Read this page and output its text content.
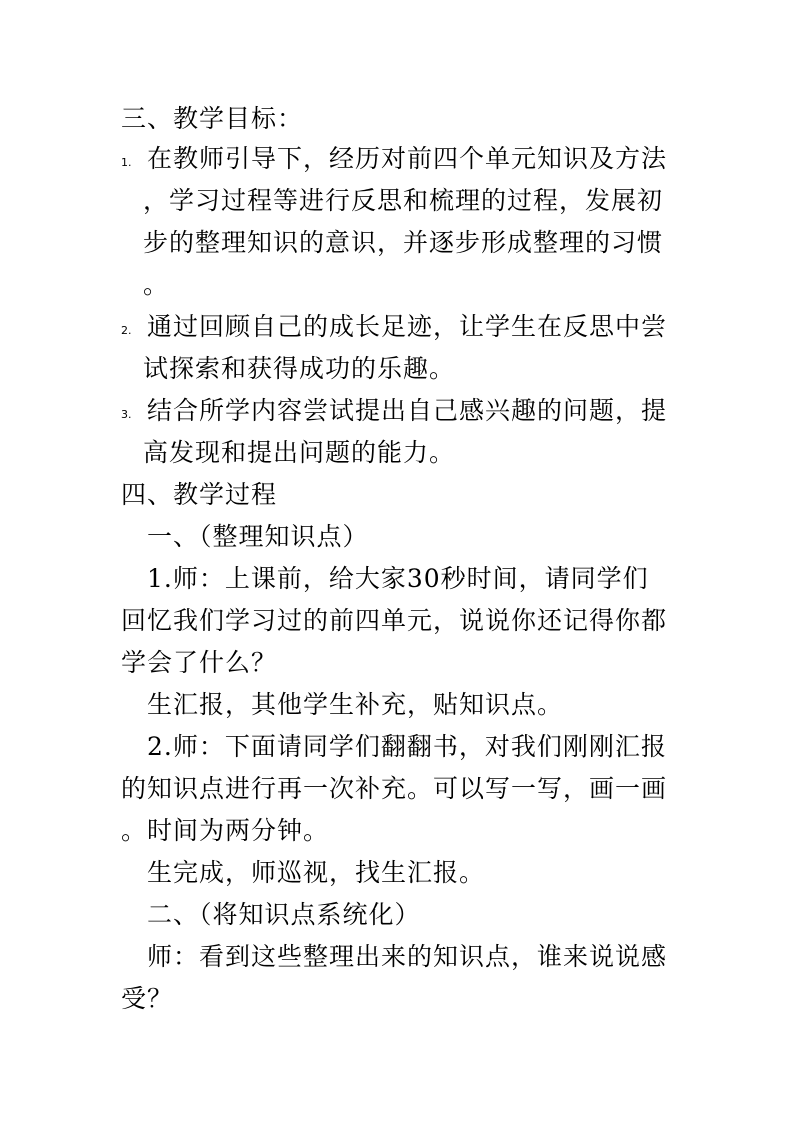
三、教学目标：
1. 在教师引导下，经历对前四个单元知识及方法
，学习过程等进行反思和梳理的过程，发展初
步的整理知识的意识，并逐步形成整理的习惯
。
2. 通过回顾自己的成长足迹，让学生在反思中尝
试探索和获得成功的乐趣。
3. 结合所学内容尝试提出自己感兴趣的问题，提
高发现和提出问题的能力。
四、教学过程
一、（整理知识点）
1.师：上课前，给大家30秒时间，请同学们
回忆我们学习过的前四单元，说说你还记得你都
学会了什么？
生汇报，其他学生补充，贴知识点。
2.师：下面请同学们翻翻书，对我们刚刚汇报
的知识点进行再一次补充。可以写一写，画一画
。时间为两分钟。
生完成，师巡视，找生汇报。
二、（将知识点系统化）
师：看到这些整理出来的知识点，谁来说说感
受？
